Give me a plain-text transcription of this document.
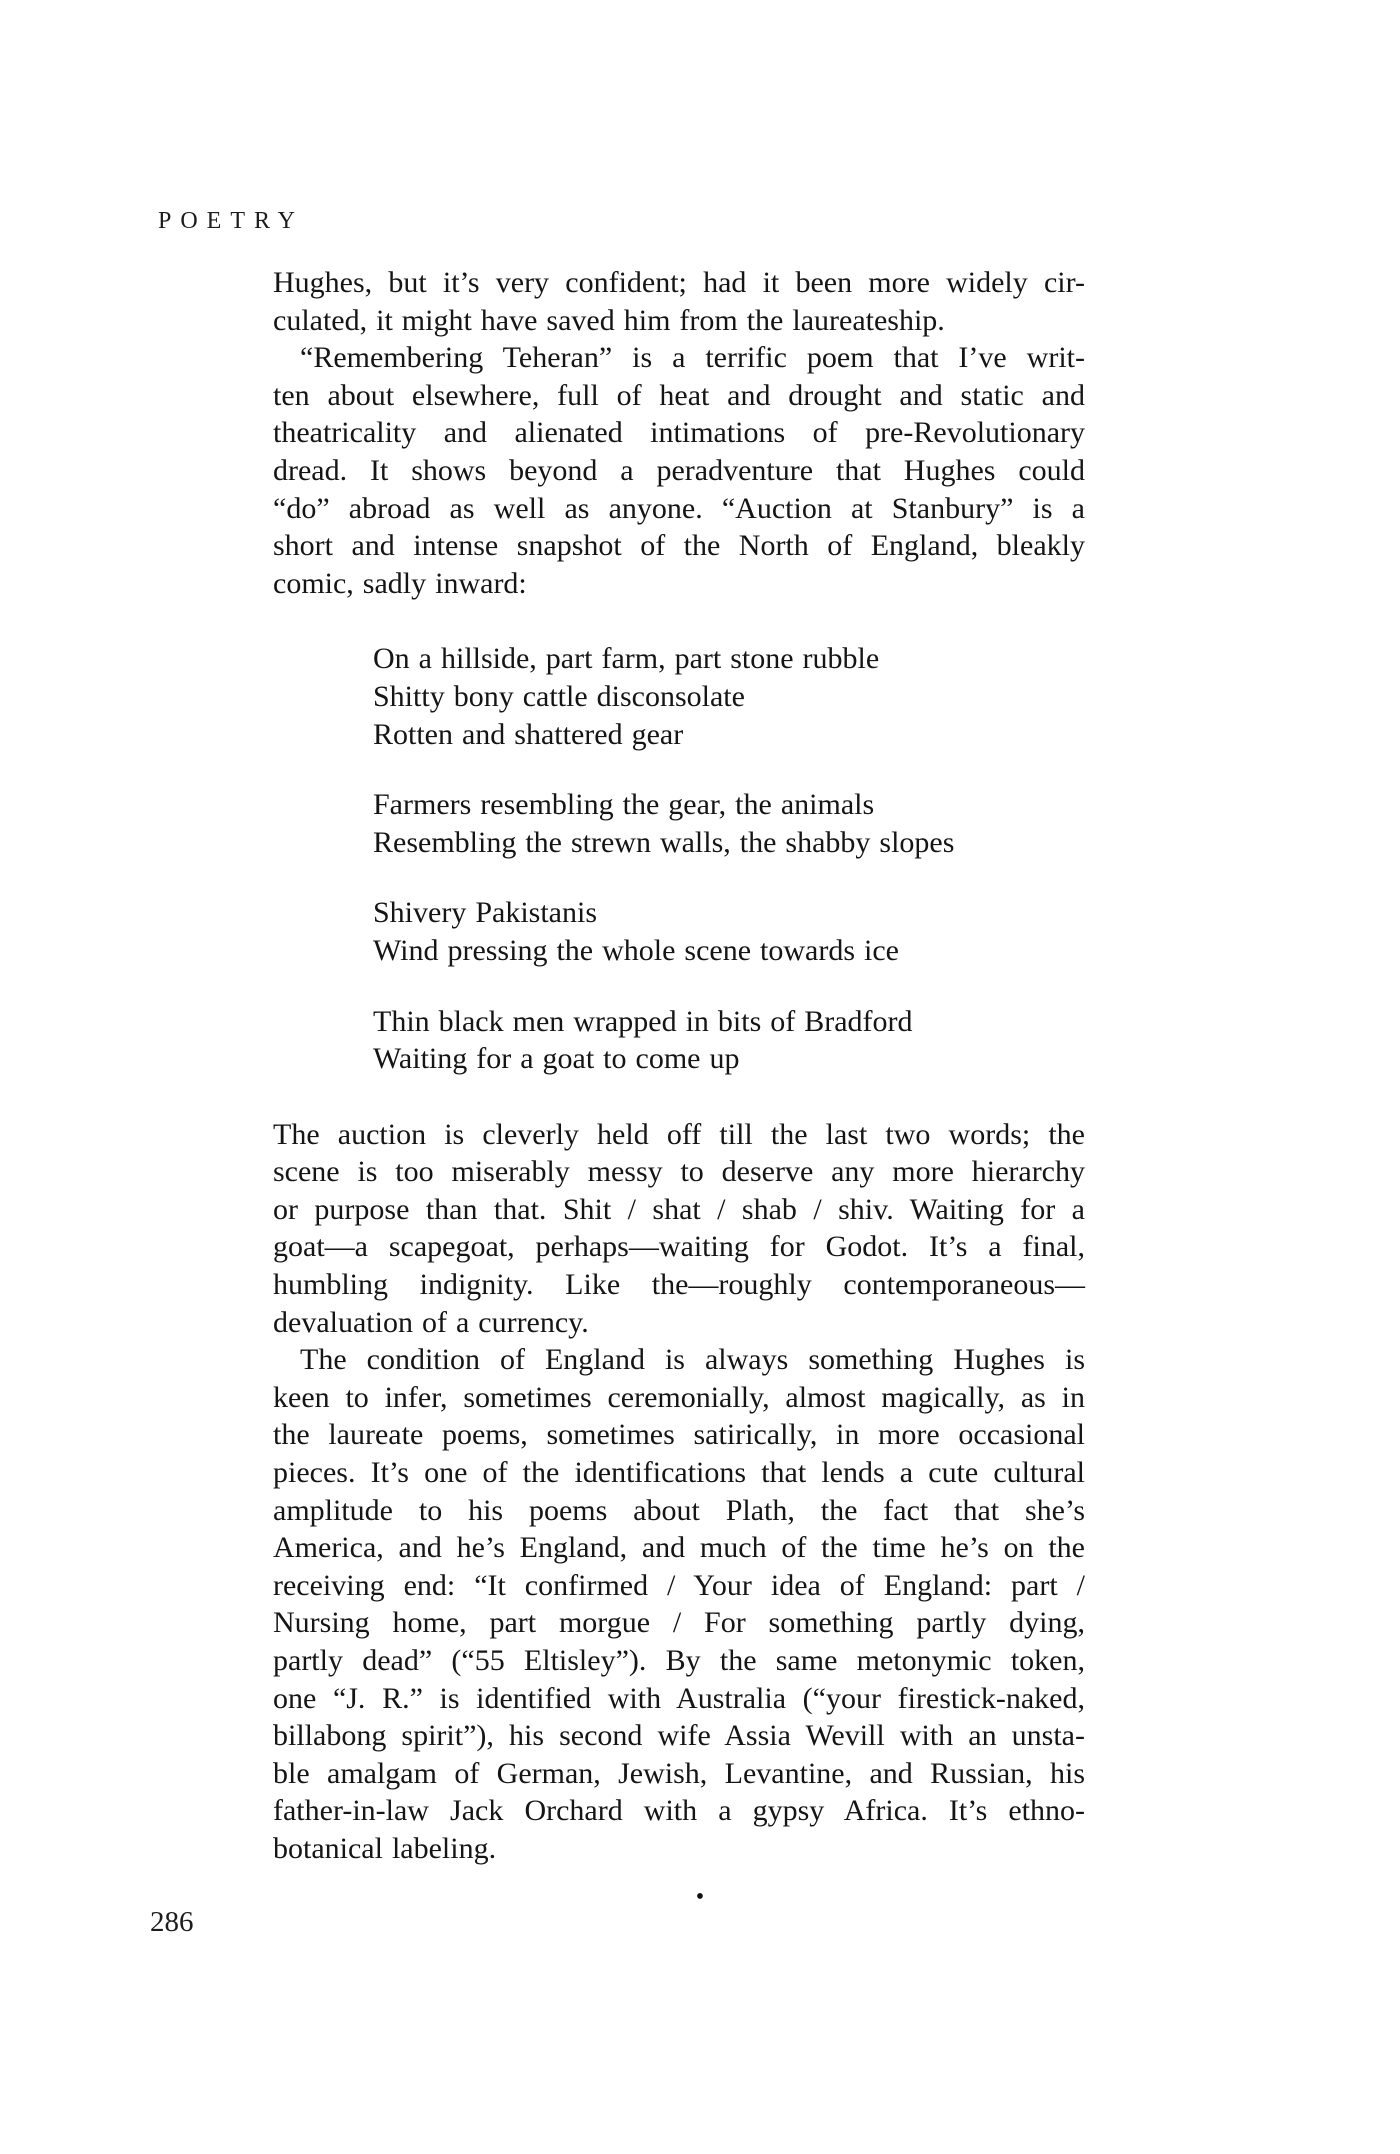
POETRY
Hughes, but it’s very confident; had it been more widely cir-
culated, it might have saved him from the laureateship.
“Remembering Teheran” is a terrific poem that I’ve writ-
ten about elsewhere, full of heat and drought and static and
theatricality and alienated intimations of pre-Revolutionary
dread. It shows beyond a peradventure that Hughes could
“do” abroad as well as anyone. “Auction at Stanbury” is a
short and intense snapshot of the North of England, bleakly
comic, sadly inward:
On a hillside, part farm, part stone rubble
Shitty bony cattle disconsolate
Rotten and shattered gear
Farmers resembling the gear, the animals
Resembling the strewn walls, the shabby slopes
Shivery Pakistanis
Wind pressing the whole scene towards ice
Thin black men wrapped in bits of Bradford
Waiting for a goat to come up
The auction is cleverly held off till the last two words; the
scene is too miserably messy to deserve any more hierarchy
or purpose than that. Shit / shat / shab / shiv. Waiting for a
goat—a scapegoat, perhaps—waiting for Godot. It’s a final,
humbling indignity. Like the—roughly contemporaneous—
devaluation of a currency.
The condition of England is always something Hughes is
keen to infer, sometimes ceremonially, almost magically, as in
the laureate poems, sometimes satirically, in more occasional
pieces. It’s one of the identifications that lends a cute cultural
amplitude to his poems about Plath, the fact that she’s
America, and he’s England, and much of the time he’s on the
receiving end: “It confirmed / Your idea of England: part /
Nursing home, part morgue / For something partly dying,
partly dead” (“55 Eltisley”). By the same metonymic token,
one “J. R.” is identified with Australia (“your firestick-naked,
billabong spirit”), his second wife Assia Wevill with an unsta-
ble amalgam of German, Jewish, Levantine, and Russian, his
father-in-law Jack Orchard with a gypsy Africa. It’s ethno-
botanical labeling.
•
286
